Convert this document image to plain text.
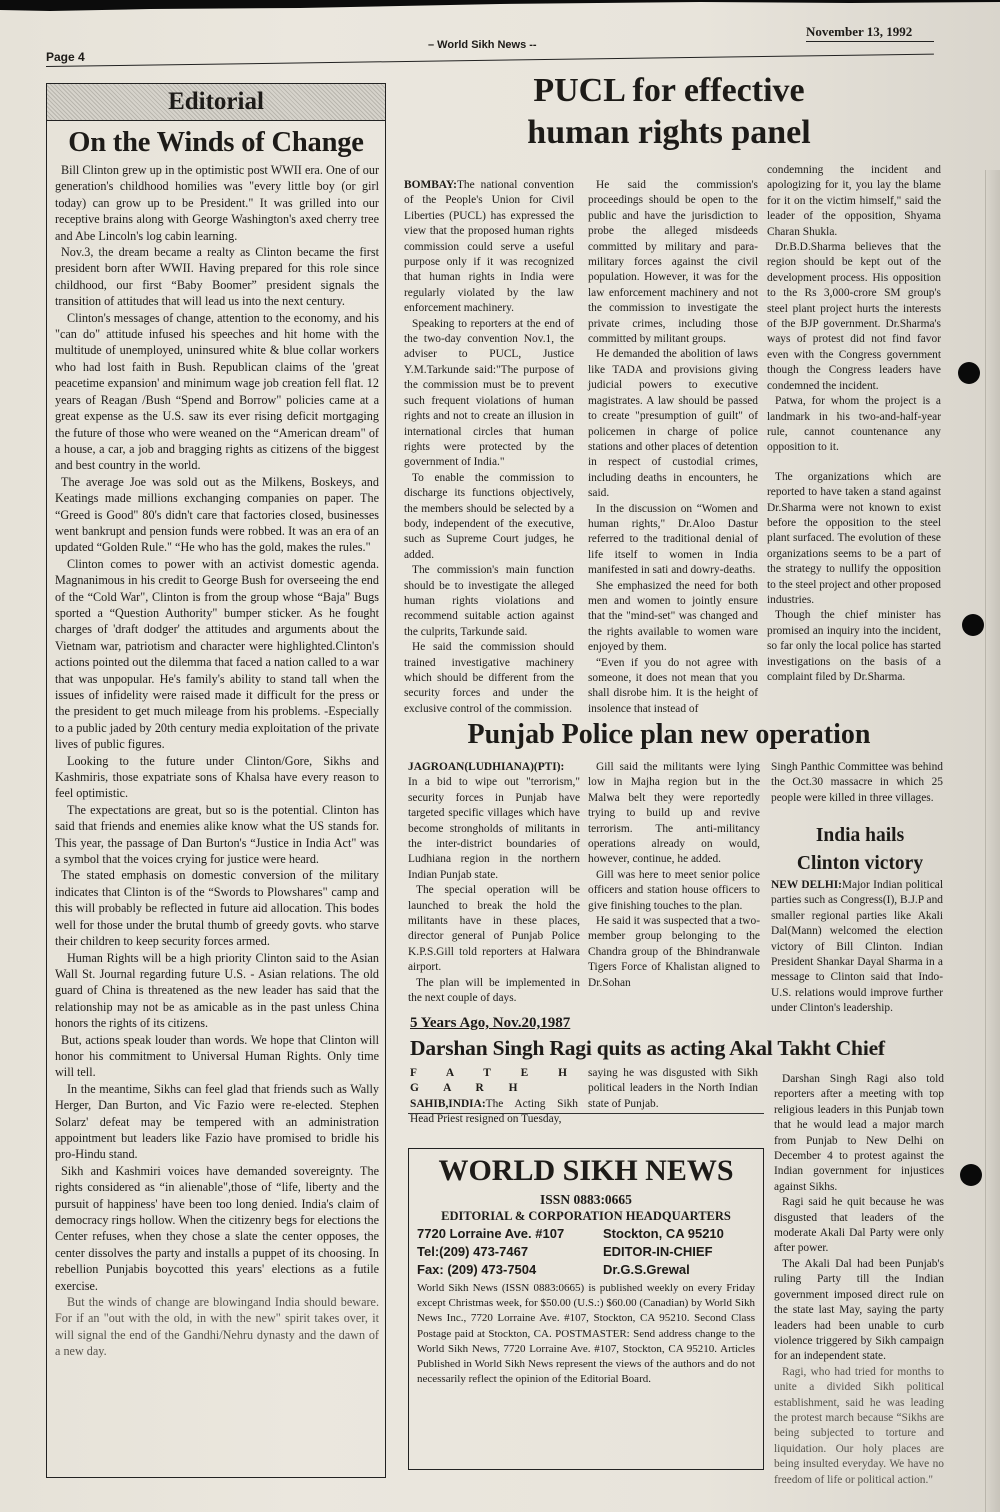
November 13, 1992
– World Sikh News --
Page 4
Editorial
On the Winds of Change

Bill Clinton grew up in the optimistic post WWII era. One of our generation's childhood homilies was "every little boy (or girl today) can grow up to be President." It was grilled into our receptive brains along with George Washington's axed cherry tree and Abe Lincoln's log cabin learning.

Nov.3, the dream became a realty as Clinton became the first president born after WWII. Having prepared for this role since childhood, our first “Baby Boomer” president signals the transition of attitudes that will lead us into the next century.

Clinton's messages of change, attention to the economy, and his "can do" attitude infused his speeches and hit home with the multitude of unemployed, uninsured white & blue collar workers who had lost faith in Bush. Republican claims of the 'great peacetime expansion' and minimum wage job creation fell flat. 12 years of Reagan /Bush “Spend and Borrow" policies came at a great expense as the U.S. saw its ever rising deficit mortgaging the future of those who were weaned on the “American dream" of a house, a car, a job and bragging rights as citizens of the biggest and best country in the world.

The average Joe was sold out as the Milkens, Boskeys, and Keatings made millions exchanging companies on paper. The “Greed is Good" 80's didn't care that factories closed, businesses went bankrupt and pension funds were robbed. It was an era of an updated “Golden Rule." “He who has the gold, makes the rules."

Clinton comes to power with an activist domestic agenda. Magnanimous in his credit to George Bush for overseeing the end of the “Cold War", Clinton is from the group whose “Baja" Bugs sported a “Question Authority" bumper sticker. As he fought charges of 'draft dodger' the attitudes and arguments about the Vietnam war, patriotism and character were highlighted.Clinton's actions pointed out the dilemma that faced a nation called to a war that was unpopular. He's family's ability to stand tall when the issues of infidelity were raised made it difficult for the press or the president to get much mileage from his problems. -Especially to a public jaded by 20th century media exploitation of the private lives of public figures.

Looking to the future under Clinton/Gore, Sikhs and Kashmiris, those expatriate sons of Khalsa have every reason to feel optimistic.

The expectations are great, but so is the potential. Clinton has said that friends and enemies alike know what the US stands for. This year, the passage of Dan Burton's “Justice in India Act" was a symbol that the voices crying for justice were heard.

The stated emphasis on domestic conversion of the military indicates that Clinton is of the “Swords to Plowshares" camp and this will probably be reflected in future aid allocation. This bodes well for those under the brutal thumb of greedy govts. who starve their children to keep security forces armed.

Human Rights will be a high priority Clinton said to the Asian Wall St. Journal regarding future U.S. - Asian relations. The old guard of China is threatened as the new leader has said that the relationship may not be as amicable as in the past unless China honors the rights of its citizens.

But, actions speak louder than words. We hope that Clinton will honor his commitment to Universal Human Rights. Only time will tell.

In the meantime, Sikhs can feel glad that friends such as Wally Herger, Dan Burton, and Vic Fazio were re-elected. Stephen Solarz' defeat may be tempered with an administration appointment but leaders like Fazio have promised to bridle his pro-Hindu stand.

Sikh and Kashmiri voices have demanded sovereignty. The rights considered as “in alienable",those of “life, liberty and the pursuit of happiness' have been too long denied. India's claim of democracy rings hollow. When the citizenry begs for elections the Center refuses, when they chose a slate the center opposes, the center dissolves the party and installs a puppet of its choosing. In rebellion Punjabis boycotted this years' elections as a futile exercise.

But the winds of change are blowingand India should beware. For if an "out with the old, in with the new" spirit takes over, it will signal the end of the Gandhi/Nehru dynasty and the dawn of a new day.

PUCL for effective
human rights panel

BOMBAY:The national convention of the People's Union for Civil Liberties (PUCL) has expressed the view that the proposed human rights commission could serve a useful purpose only if it was recognized that human rights in India were regularly violated by the law enforcement machinery.

Speaking to reporters at the end of the two-day convention Nov.1, the adviser to PUCL, Justice Y.M.Tarkunde said:"The purpose of the commission must be to prevent such frequent violations of human rights and not to create an illusion in international circles that human rights were protected by the government of India."

To enable the commission to discharge its functions objectively, the members should be selected by a body, independent of the executive, such as Supreme Court judges, he added.

The commission's main function should be to investigate the alleged human rights violations and recommend suitable action against the culprits, Tarkunde said.

He said the commission should trained investigative machinery which should be different from the security forces and under the exclusive control of the commission.

He said the commission's proceedings should be open to the public and have the jurisdiction to probe the alleged misdeeds committed by military and para-military forces against the civil population. However, it was for the law enforcement machinery and not the commission to investigate the private crimes, including those committed by militant groups.

He demanded the abolition of laws like TADA and provisions giving judicial powers to executive magistrates. A law should be passed to create "presumption of guilt" of policemen in charge of police stations and other places of detention in respect of custodial crimes, including deaths in encounters, he said.

In the discussion on “Women and human rights," Dr.Aloo Dastur referred to the traditional denial of life itself to women in India manifested in sati and dowry-deaths.

She emphasized the need for both men and women to jointly ensure that the "mind-set" was changed and the rights available to women ware enjoyed by them.

“Even if you do not agree with someone, it does not mean that you shall disrobe him. It is the height of insolence that instead of

condemning the incident and apologizing for it, you lay the blame for it on the victim himself," said the leader of the opposition, Shyama Charan Shukla.

Dr.B.D.Sharma believes that the region should be kept out of the development process. His opposition to the Rs 3,000-crore SM group's steel plant project hurts the interests of the BJP government. Dr.Sharma's ways of protest did not find favor even with the Congress government though the Congress leaders have condemned the incident.

Patwa, for whom the project is a landmark in his two-and-half-year rule, cannot countenance any opposition to it.

The organizations which are reported to have taken a stand against Dr.Sharma were not known to exist before the opposition to the steel plant surfaced. The evolution of these organizations seems to be a part of the strategy to nullify the opposition to the steel project and other proposed industries.

Though the chief minister has promised an inquiry into the incident, so far only the local police has started investigations on the basis of a complaint filed by Dr.Sharma.

Punjab Police plan new operation

JAGROAN(LUDHIANA)(PTI):

In a bid to wipe out "terrorism," security forces in Punjab have targeted specific villages which have become strongholds of militants in the inter-district boundaries of Ludhiana region in the northern Indian Punjab state.

The special operation will be launched to break the hold the militants have in these places, director general of Punjab Police K.P.S.Gill told reporters at Halwara airport.

The plan will be implemented in the next couple of days.

Gill said the militants were lying low in Majha region but in the Malwa belt they were reportedly trying to build up and revive terrorism. The anti-militancy operations already on would, however, continue, he added.

Gill was here to meet senior police officers and station house officers to give finishing touches to the plan.

He said it was suspected that a two-member group belonging to the Chandra group of the Bhindranwale Tigers Force of Khalistan aligned to Dr.Sohan

Singh Panthic Committee was behind the Oct.30 massacre in which 25 people were killed in three villages.

India hails
Clinton victory

NEW DELHI:Major Indian political parties such as Congress(I), B.J.P and smaller regional parties like Akali Dal(Mann) welcomed the election victory of Bill Clinton. Indian President Shankar Dayal Sharma in a message to Clinton said that Indo-U.S. relations would improve further under Clinton's leadership.

5 Years Ago, Nov.20,1987
Darshan Singh Ragi quits as acting Akal Takht Chief

F A T E H G A R H

SAHIB,INDIA:The Acting Sikh Head Priest resigned on Tuesday,

saying he was disgusted with Sikh political leaders in the North Indian state of Punjab.

Darshan Singh Ragi also told reporters after a meeting with top religious leaders in this Punjab town that he would lead a major march from Punjab to New Delhi on December 4 to protest against the Indian government for injustices against Sikhs.

Ragi said he quit because he was disgusted that leaders of the moderate Akali Dal Party were only after power.

The Akali Dal had been Punjab's ruling Party till the Indian government imposed direct rule on the state last May, saying the party leaders had been unable to curb violence triggered by Sikh campaign for an independent state.

Ragi, who had tried for months to unite a divided Sikh political establishment, said he was leading the protest march because “Sikhs are being subjected to torture and liquidation. Our holy places are being insulted everyday. We have no freedom of life or political action."

WORLD SIKH NEWS
ISSN 0883:0665
EDITORIAL & CORPORATION HEADQUARTERS
7720 Lorraine Ave. #107	Stockton, CA 95210
Tel:(209) 473-7467	EDITOR-IN-CHIEF
Fax: (209) 473-7504	Dr.G.S.Grewal
World Sikh News (ISSN 0883:0665) is published weekly on every Friday except Christmas week, for $50.00 (U.S.:) $60.00 (Canadian) by World Sikh News Inc., 7720 Lorraine Ave. #107, Stockton, CA 95210. Second Class Postage paid at Stockton, CA. POSTMASTER: Send address change to the World Sikh News, 7720 Lorraine Ave. #107, Stockton, CA 95210. Articles Published in World Sikh News represent the views of the authors and do not necessarily reflect the opinion of the Editorial Board.
